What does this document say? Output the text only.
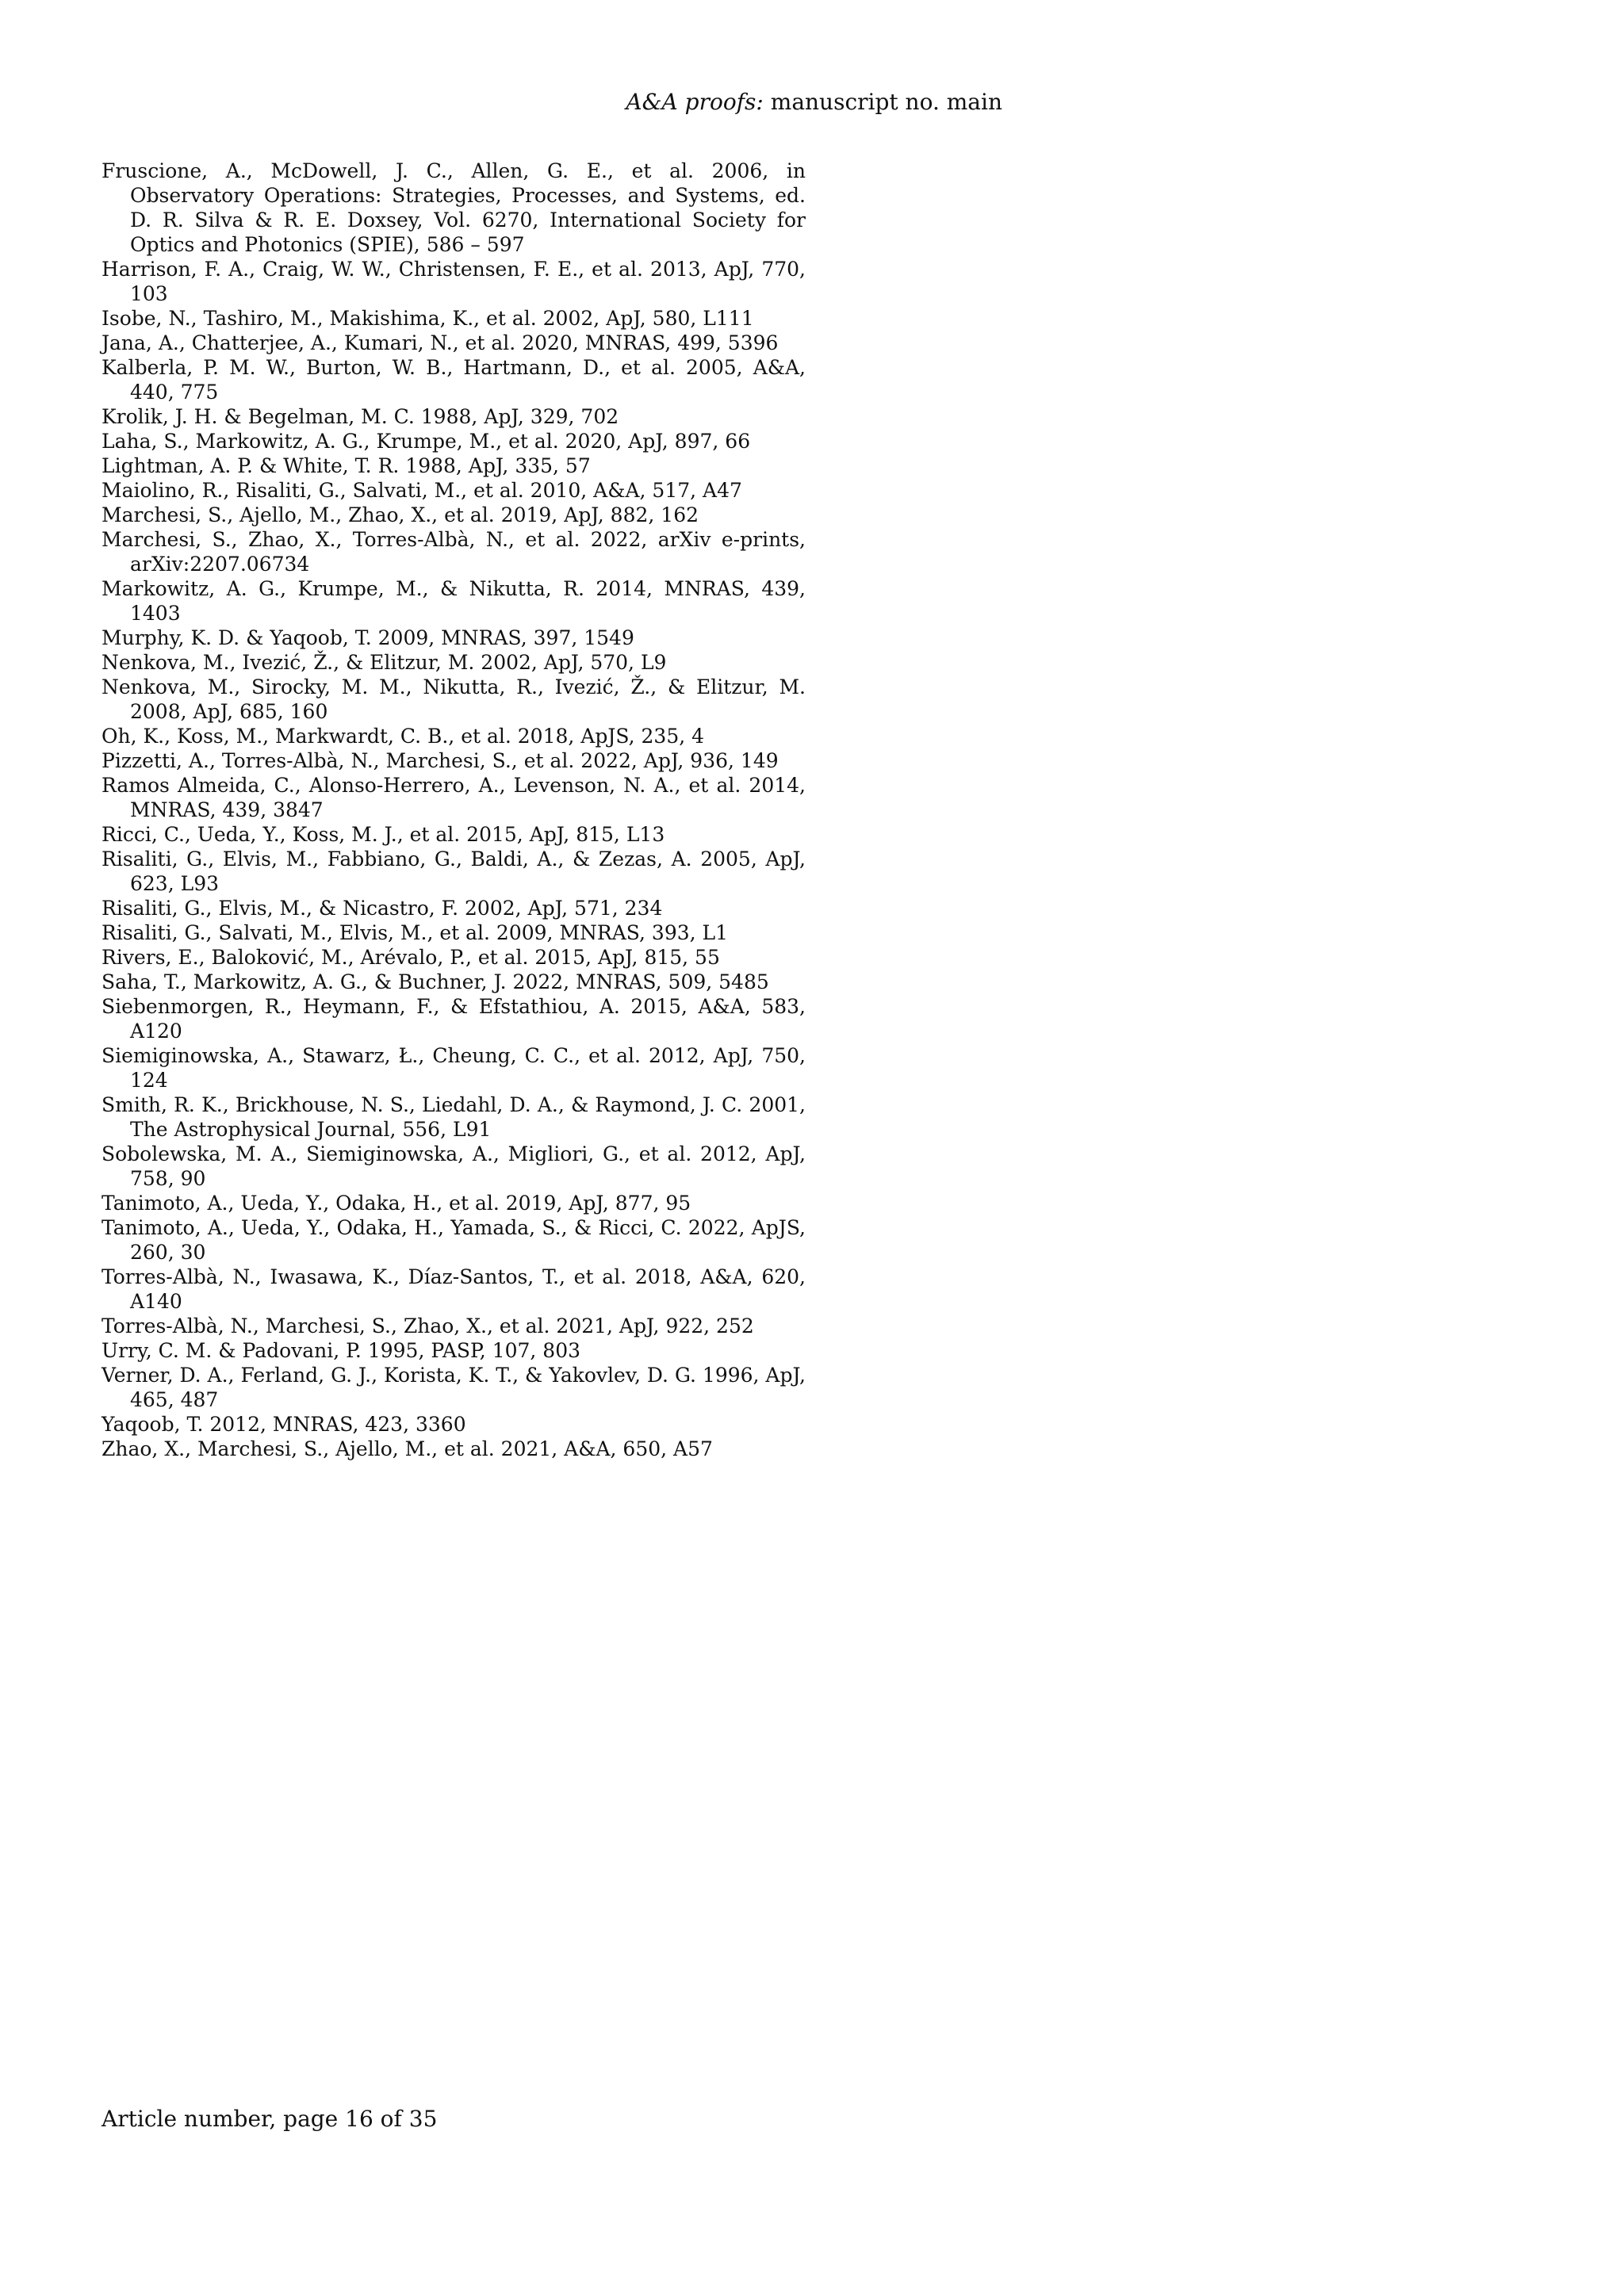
A&A proofs: manuscript no. main
Fruscione, A., McDowell, J. C., Allen, G. E., et al. 2006, in Observatory Operations: Strategies, Processes, and Systems, ed. D. R. Silva & R. E. Doxsey, Vol. 6270, International Society for Optics and Photonics (SPIE), 586 – 597
Harrison, F. A., Craig, W. W., Christensen, F. E., et al. 2013, ApJ, 770, 103
Isobe, N., Tashiro, M., Makishima, K., et al. 2002, ApJ, 580, L111
Jana, A., Chatterjee, A., Kumari, N., et al. 2020, MNRAS, 499, 5396
Kalberla, P. M. W., Burton, W. B., Hartmann, D., et al. 2005, A&A, 440, 775
Krolik, J. H. & Begelman, M. C. 1988, ApJ, 329, 702
Laha, S., Markowitz, A. G., Krumpe, M., et al. 2020, ApJ, 897, 66
Lightman, A. P. & White, T. R. 1988, ApJ, 335, 57
Maiolino, R., Risaliti, G., Salvati, M., et al. 2010, A&A, 517, A47
Marchesi, S., Ajello, M., Zhao, X., et al. 2019, ApJ, 882, 162
Marchesi, S., Zhao, X., Torres-Albà, N., et al. 2022, arXiv e-prints, arXiv:2207.06734
Markowitz, A. G., Krumpe, M., & Nikutta, R. 2014, MNRAS, 439, 1403
Murphy, K. D. & Yaqoob, T. 2009, MNRAS, 397, 1549
Nenkova, M., Ivezić, Ž., & Elitzur, M. 2002, ApJ, 570, L9
Nenkova, M., Sirocky, M. M., Nikutta, R., Ivezić, Ž., & Elitzur, M. 2008, ApJ, 685, 160
Oh, K., Koss, M., Markwardt, C. B., et al. 2018, ApJS, 235, 4
Pizzetti, A., Torres-Albà, N., Marchesi, S., et al. 2022, ApJ, 936, 149
Ramos Almeida, C., Alonso-Herrero, A., Levenson, N. A., et al. 2014, MNRAS, 439, 3847
Ricci, C., Ueda, Y., Koss, M. J., et al. 2015, ApJ, 815, L13
Risaliti, G., Elvis, M., Fabbiano, G., Baldi, A., & Zezas, A. 2005, ApJ, 623, L93
Risaliti, G., Elvis, M., & Nicastro, F. 2002, ApJ, 571, 234
Risaliti, G., Salvati, M., Elvis, M., et al. 2009, MNRAS, 393, L1
Rivers, E., Baloković, M., Arévalo, P., et al. 2015, ApJ, 815, 55
Saha, T., Markowitz, A. G., & Buchner, J. 2022, MNRAS, 509, 5485
Siebenmorgen, R., Heymann, F., & Efstathiou, A. 2015, A&A, 583, A120
Siemiginowska, A., Stawarz, Ł., Cheung, C. C., et al. 2012, ApJ, 750, 124
Smith, R. K., Brickhouse, N. S., Liedahl, D. A., & Raymond, J. C. 2001, The Astrophysical Journal, 556, L91
Sobolewska, M. A., Siemiginowska, A., Migliori, G., et al. 2012, ApJ, 758, 90
Tanimoto, A., Ueda, Y., Odaka, H., et al. 2019, ApJ, 877, 95
Tanimoto, A., Ueda, Y., Odaka, H., Yamada, S., & Ricci, C. 2022, ApJS, 260, 30
Torres-Albà, N., Iwasawa, K., Díaz-Santos, T., et al. 2018, A&A, 620, A140
Torres-Albà, N., Marchesi, S., Zhao, X., et al. 2021, ApJ, 922, 252
Urry, C. M. & Padovani, P. 1995, PASP, 107, 803
Verner, D. A., Ferland, G. J., Korista, K. T., & Yakovlev, D. G. 1996, ApJ, 465, 487
Yaqoob, T. 2012, MNRAS, 423, 3360
Zhao, X., Marchesi, S., Ajello, M., et al. 2021, A&A, 650, A57
Article number, page 16 of 35
